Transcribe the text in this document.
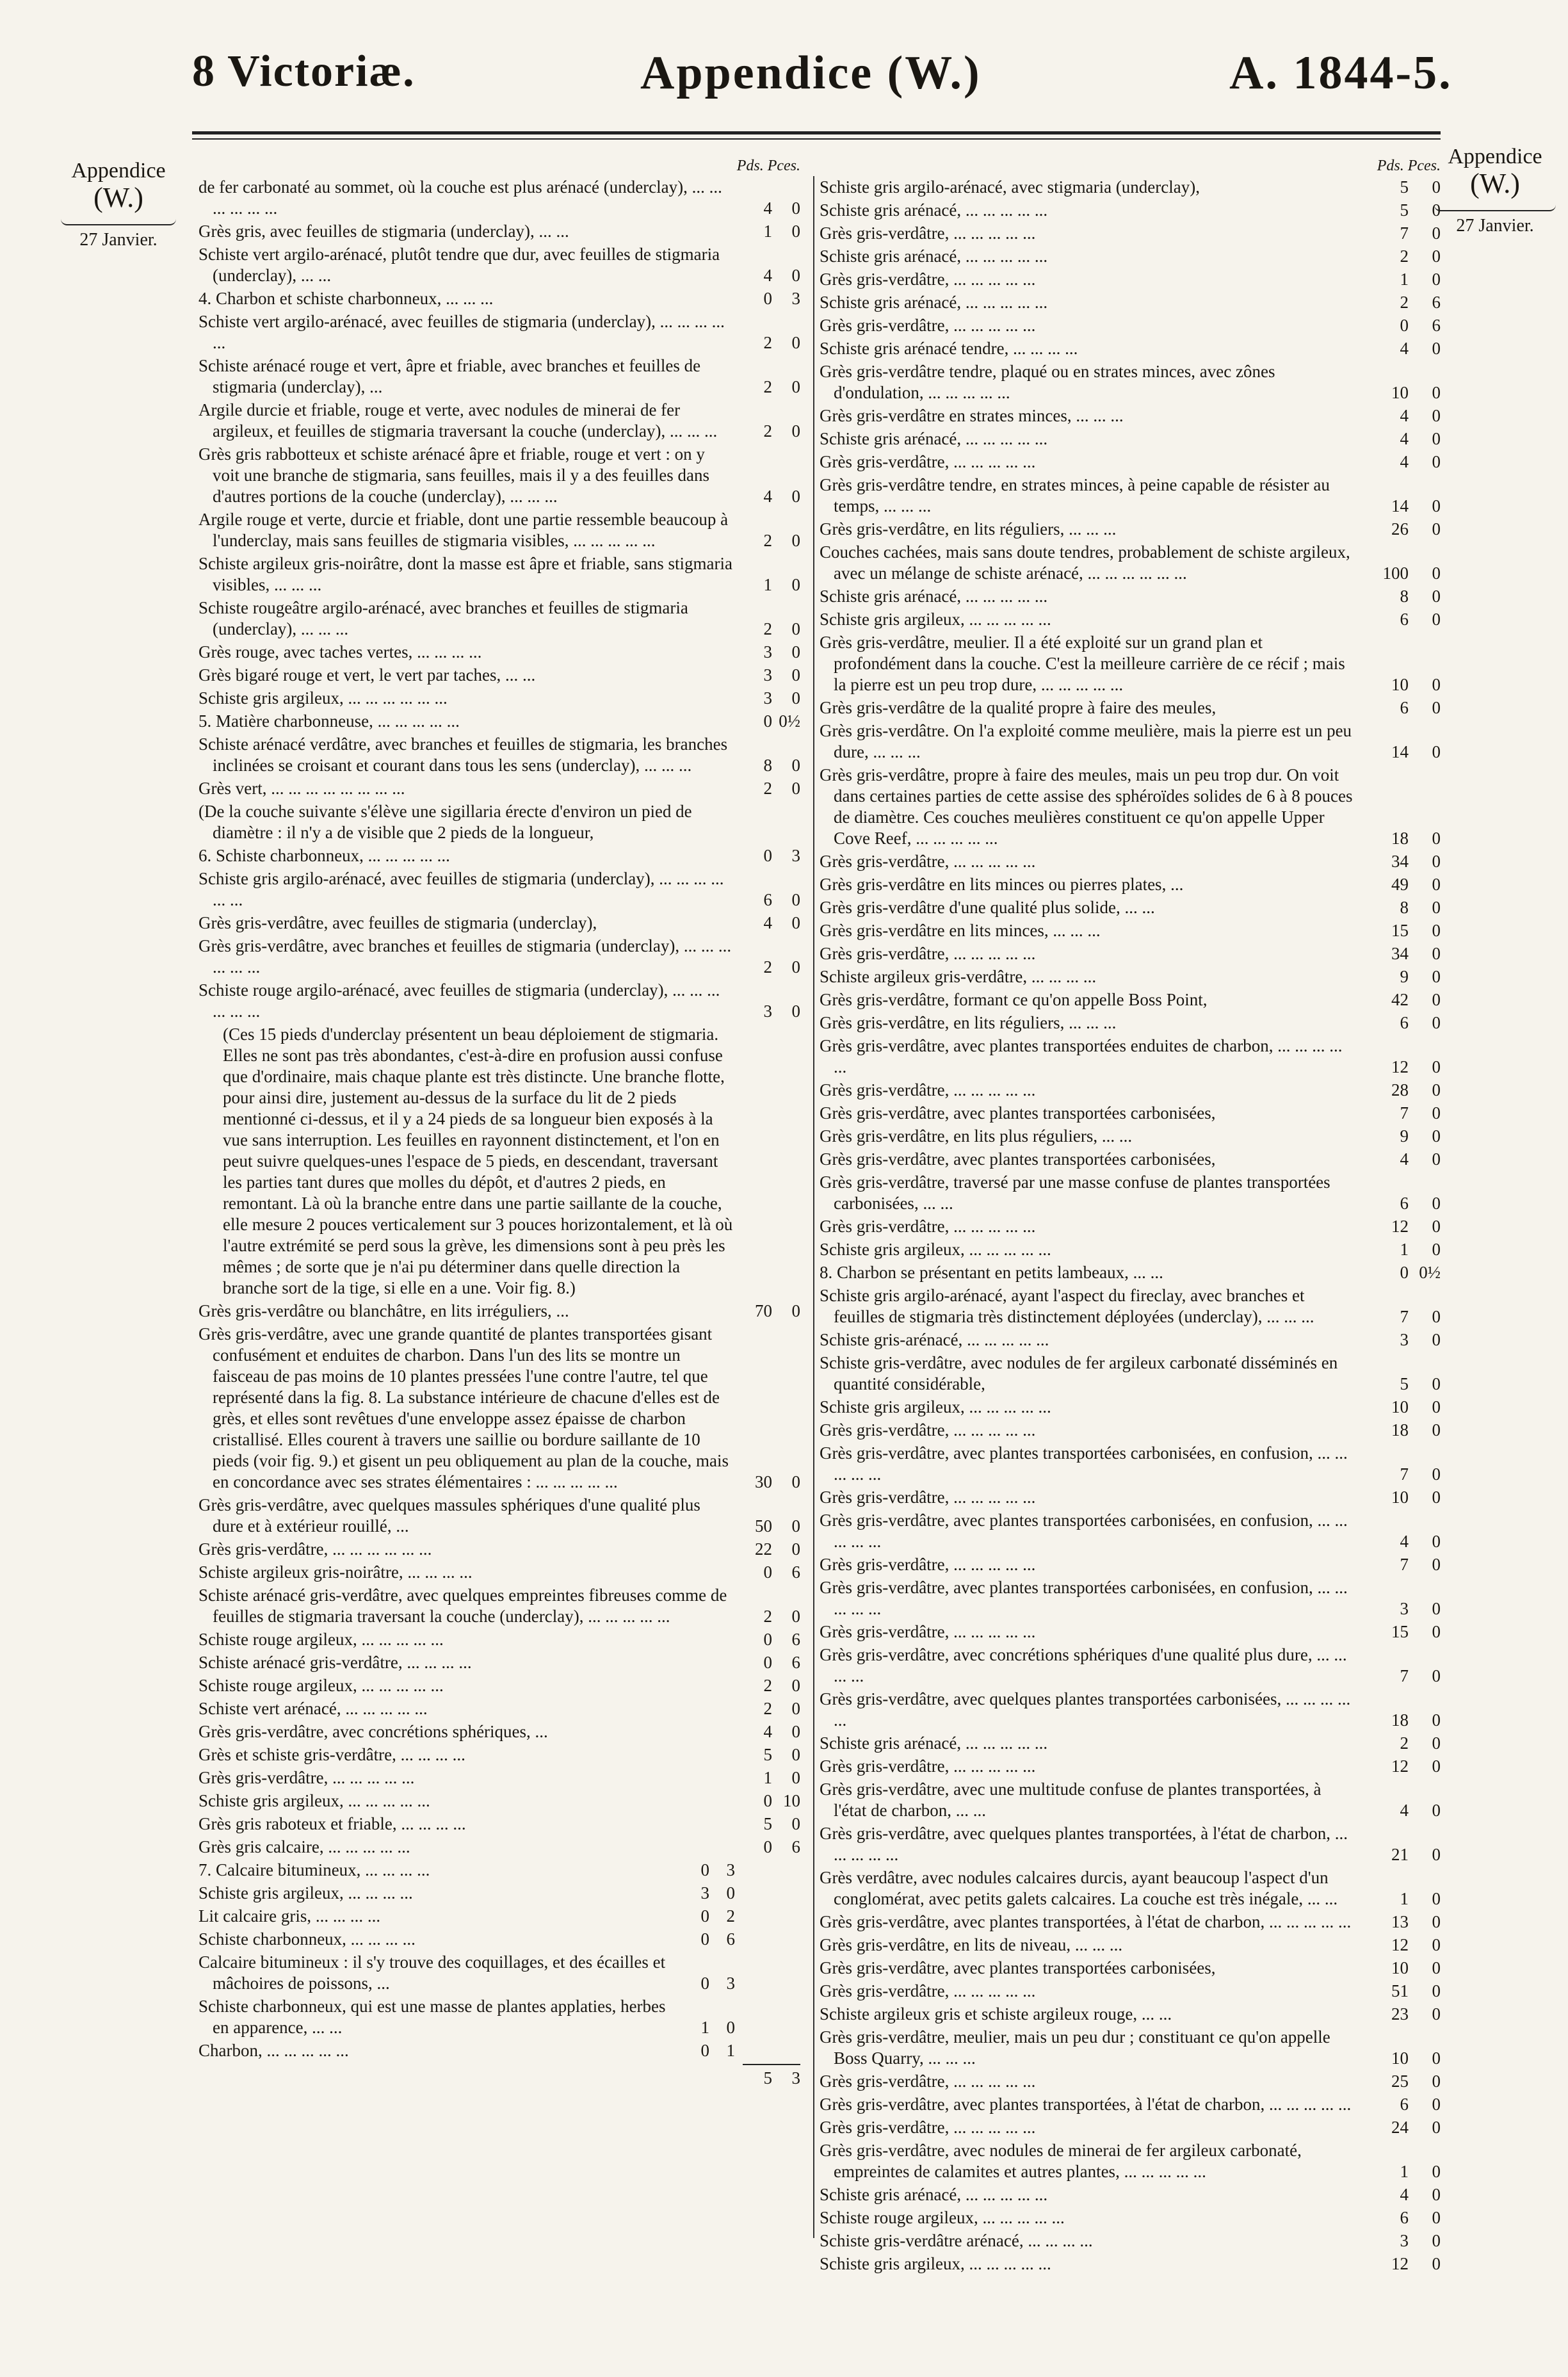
8 Victoriæ.	Appendice (W.)	A. 1844-5.
Appendice
(W.)
27 Janvier.
Appendice
(W.)
27 Janvier.
Pds. Pces.
de fer carbonaté au sommet, où la couche est plus arénacé (underclay), ... ... ... ... ... ...	4	0
Grès gris, avec feuilles de stigmaria (underclay), ... ...	1	0
Schiste vert argilo-arénacé, plutôt tendre que dur, avec feuilles de stigmaria (underclay), ... ...	4	0
4. Charbon et schiste charbonneux, ... ... ...	0	3
Schiste vert argilo-arénacé, avec feuilles de stigmaria (underclay), ... ... ... ... ...	2	0
Schiste arénacé rouge et vert, âpre et friable, avec branches et feuilles de stigmaria (underclay), ...	2	0
Argile durcie et friable, rouge et verte, avec nodules de minerai de fer argileux, et feuilles de stigmaria traversant la couche (underclay), ... ... ...	2	0
Grès gris rabbotteux et schiste arénacé âpre et friable, rouge et vert : on y voit une branche de stigmaria, sans feuilles, mais il y a des feuilles dans d'autres portions de la couche (underclay), ... ... ...	4	0
Argile rouge et verte, durcie et friable, dont une partie ressemble beaucoup à l'underclay, mais sans feuilles de stigmaria visibles, ... ... ... ... ...	2	0
Schiste argileux gris-noirâtre, dont la masse est âpre et friable, sans stigmaria visibles, ... ... ...	1	0
Schiste rougeâtre argilo-arénacé, avec branches et feuilles de stigmaria (underclay), ... ... ...	2	0
Grès rouge, avec taches vertes, ... ... ... ...	3	0
Grès bigaré rouge et vert, le vert par taches, ... ...	3	0
Schiste gris argileux, ... ... ... ... ... ...	3	0
5. Matière charbonneuse, ... ... ... ... ...	0 0½
Schiste arénacé verdâtre, avec branches et feuilles de stigmaria, les branches inclinées se croisant et courant dans tous les sens (underclay), ... ... ...	8	0
Grès vert, ... ... ... ... ... ... ... ...	2	0
(De la couche suivante s'élève une sigillaria érecte d'environ un pied de diamètre : il n'y a de visible que 2 pieds de la longueur,
6. Schiste charbonneux, ... ... ... ... ...	0	3
Schiste gris argilo-arénacé, avec feuilles de stigmaria (underclay), ... ... ... ... ... ...	6	0
Grès gris-verdâtre, avec feuilles de stigmaria (underclay),	4	0
Grès gris-verdâtre, avec branches et feuilles de stigmaria (underclay), ... ... ... ... ... ...	2	0
Schiste rouge argilo-arénacé, avec feuilles de stigmaria (underclay), ... ... ... ... ... ...	3	0
(Ces 15 pieds d'underclay présentent un beau déploiement de stigmaria. Elles ne sont pas très abondantes, c'est-à-dire en profusion aussi confuse que d'ordinaire, mais chaque plante est très distincte. Une branche flotte, pour ainsi dire, justement au-dessus de la surface du lit de 2 pieds mentionné ci-dessus, et il y a 24 pieds de sa longueur bien exposés à la vue sans interruption. Les feuilles en rayonnent distinctement, et l'on en peut suivre quelques-unes l'espace de 5 pieds, en descendant, traversant les parties tant dures que molles du dépôt, et d'autres 2 pieds, en remontant. Là où la branche entre dans une partie saillante de la couche, elle mesure 2 pouces verticalement sur 3 pouces horizontalement, et là où l'autre extrémité se perd sous la grève, les dimensions sont à peu près les mêmes ; de sorte que je n'ai pu déterminer dans quelle direction la branche sort de la tige, si elle en a une. Voir fig. 8.)
Grès gris-verdâtre ou blanchâtre, en lits irréguliers, ...	70	0
Grès gris-verdâtre, avec une grande quantité de plantes transportées gisant confusément et enduites de charbon. Dans l'un des lits se montre un faisceau de pas moins de 10 plantes pressées l'une contre l'autre, tel que représenté dans la fig. 8. La substance intérieure de chacune d'elles est de grès, et elles sont revêtues d'une enveloppe assez épaisse de charbon cristallisé. Elles courent à travers une saillie ou bordure saillante de 10 pieds (voir fig. 9.) et gisent un peu obliquement au plan de la couche, mais en concordance avec ses strates élémentaires : ... ... ... ... ...	30	0
Grès gris-verdâtre, avec quelques massules sphériques d'une qualité plus dure et à extérieur rouillé, ...	50	0
Grès gris-verdâtre, ... ... ... ... ... ...	22	0
Schiste argileux gris-noirâtre, ... ... ... ...	0	6
Schiste arénacé gris-verdâtre, avec quelques empreintes fibreuses comme de feuilles de stigmaria traversant la couche (underclay), ... ... ... ... ...	2	0
Schiste rouge argileux, ... ... ... ... ...	0	6
Schiste arénacé gris-verdâtre, ... ... ... ...	0	6
Schiste rouge argileux, ... ... ... ... ...	2	0
Schiste vert arénacé, ... ... ... ... ...	2	0
Grès gris-verdâtre, avec concrétions sphériques, ...	4	0
Grès et schiste gris-verdâtre, ... ... ... ...	5	0
Grès gris-verdâtre, ... ... ... ... ...	1	0
Schiste gris argileux, ... ... ... ... ...	0 10
Grès gris raboteux et friable, ... ... ... ...	5	0
Grès gris calcaire, ... ... ... ... ...	0	6
7. Calcaire bitumineux, ... ... ... ...	0 3
Schiste gris argileux, ... ... ... ...	3 0
Lit calcaire gris, ... ... ... ...	0 2
Schiste charbonneux, ... ... ... ...	0 6
Calcaire bitumineux : il s'y trouve des coquillages, et des écailles et mâchoires de poissons, ...	0 3
Schiste charbonneux, qui est une masse de plantes applaties, herbes en apparence, ... ...	1 0
Charbon, ... ... ... ... ...	0 1
5	3
Pds. Pces.
Schiste gris argilo-arénacé, avec stigmaria (underclay),	5	0
Schiste gris arénacé, ... ... ... ... ...	5	0
Grès gris-verdâtre, ... ... ... ... ...	7	0
Schiste gris arénacé, ... ... ... ... ...	2	0
Grès gris-verdâtre, ... ... ... ... ...	1	0
Schiste gris arénacé, ... ... ... ... ...	2	6
Grès gris-verdâtre, ... ... ... ... ...	0	6
Schiste gris arénacé tendre, ... ... ... ...	4	0
Grès gris-verdâtre tendre, plaqué ou en strates minces, avec zônes d'ondulation, ... ... ... ... ...	10	0
Grès gris-verdâtre en strates minces, ... ... ...	4	0
Schiste gris arénacé, ... ... ... ... ...	4	0
Grès gris-verdâtre, ... ... ... ... ...	4	0
Grès gris-verdâtre tendre, en strates minces, à peine capable de résister au temps, ... ... ...	14	0
Grès gris-verdâtre, en lits réguliers, ... ... ...	26	0
Couches cachées, mais sans doute tendres, probablement de schiste argileux, avec un mélange de schiste arénacé, ... ... ... ... ... ...	100	0
Schiste gris arénacé, ... ... ... ... ...	8	0
Schiste gris argileux, ... ... ... ... ...	6	0
Grès gris-verdâtre, meulier. Il a été exploité sur un grand plan et profondément dans la couche. C'est la meilleure carrière de ce récif ; mais la pierre est un peu trop dure, ... ... ... ... ...	10	0
Grès gris-verdâtre de la qualité propre à faire des meules,	6	0
Grès gris-verdâtre. On l'a exploité comme meulière, mais la pierre est un peu dure, ... ... ...	14	0
Grès gris-verdâtre, propre à faire des meules, mais un peu trop dur. On voit dans certaines parties de cette assise des sphéroïdes solides de 6 à 8 pouces de diamètre. Ces couches meulières constituent ce qu'on appelle Upper Cove Reef, ... ... ... ... ...	18	0
Grès gris-verdâtre, ... ... ... ... ...	34	0
Grès gris-verdâtre en lits minces ou pierres plates, ...	49	0
Grès gris-verdâtre d'une qualité plus solide, ... ...	8	0
Grès gris-verdâtre en lits minces, ... ... ...	15	0
Grès gris-verdâtre, ... ... ... ... ...	34	0
Schiste argileux gris-verdâtre, ... ... ... ...	9	0
Grès gris-verdâtre, formant ce qu'on appelle Boss Point,	42	0
Grès gris-verdâtre, en lits réguliers, ... ... ...	6	0
Grès gris-verdâtre, avec plantes transportées enduites de charbon, ... ... ... ... ...	12	0
Grès gris-verdâtre, ... ... ... ... ...	28	0
Grès gris-verdâtre, avec plantes transportées carbonisées,	7	0
Grès gris-verdâtre, en lits plus réguliers, ... ...	9	0
Grès gris-verdâtre, avec plantes transportées carbonisées,	4	0
Grès gris-verdâtre, traversé par une masse confuse de plantes transportées carbonisées, ... ...	6	0
Grès gris-verdâtre, ... ... ... ... ...	12	0
Schiste gris argileux, ... ... ... ... ...	1	0
8. Charbon se présentant en petits lambeaux, ... ...	0 0½
Schiste gris argilo-arénacé, ayant l'aspect du fireclay, avec branches et feuilles de stigmaria très distinctement déployées (underclay), ... ... ...	7	0
Schiste gris-arénacé, ... ... ... ... ...	3	0
Schiste gris-verdâtre, avec nodules de fer argileux carbonaté disséminés en quantité considérable,	5	0
Schiste gris argileux, ... ... ... ... ...	10	0
Grès gris-verdâtre, ... ... ... ... ...	18	0
Grès gris-verdâtre, avec plantes transportées carbonisées, en confusion, ... ... ... ... ...	7	0
Grès gris-verdâtre, ... ... ... ... ...	10	0
Grès gris-verdâtre, avec plantes transportées carbonisées, en confusion, ... ... ... ... ...	4	0
Grès gris-verdâtre, ... ... ... ... ...	7	0
Grès gris-verdâtre, avec plantes transportées carbonisées, en confusion, ... ... ... ... ...	3	0
Grès gris-verdâtre, ... ... ... ... ...	15	0
Grès gris-verdâtre, avec concrétions sphériques d'une qualité plus dure, ... ... ... ...	7	0
Grès gris-verdâtre, avec quelques plantes transportées carbonisées, ... ... ... ... ...	18	0
Schiste gris arénacé, ... ... ... ... ...	2	0
Grès gris-verdâtre, ... ... ... ... ...	12	0
Grès gris-verdâtre, avec une multitude confuse de plantes transportées, à l'état de charbon, ... ...	4	0
Grès gris-verdâtre, avec quelques plantes transportées, à l'état de charbon, ... ... ... ... ...	21	0
Grès verdâtre, avec nodules calcaires durcis, ayant beaucoup l'aspect d'un conglomérat, avec petits galets calcaires. La couche est très inégale, ... ...	1	0
Grès gris-verdâtre, avec plantes transportées, à l'état de charbon, ... ... ... ... ...	13	0
Grès gris-verdâtre, en lits de niveau, ... ... ...	12	0
Grès gris-verdâtre, avec plantes transportées carbonisées,	10	0
Grès gris-verdâtre, ... ... ... ... ...	51	0
Schiste argileux gris et schiste argileux rouge, ... ...	23	0
Grès gris-verdâtre, meulier, mais un peu dur ; constituant ce qu'on appelle Boss Quarry, ... ... ...	10	0
Grès gris-verdâtre, ... ... ... ... ...	25	0
Grès gris-verdâtre, avec plantes transportées, à l'état de charbon, ... ... ... ... ...	6	0
Grès gris-verdâtre, ... ... ... ... ...	24	0
Grès gris-verdâtre, avec nodules de minerai de fer argileux carbonaté, empreintes de calamites et autres plantes, ... ... ... ... ...	1	0
Schiste gris arénacé, ... ... ... ... ...	4	0
Schiste rouge argileux, ... ... ... ... ...	6	0
Schiste gris-verdâtre arénacé, ... ... ... ...	3	0
Schiste gris argileux, ... ... ... ... ...	12	0
